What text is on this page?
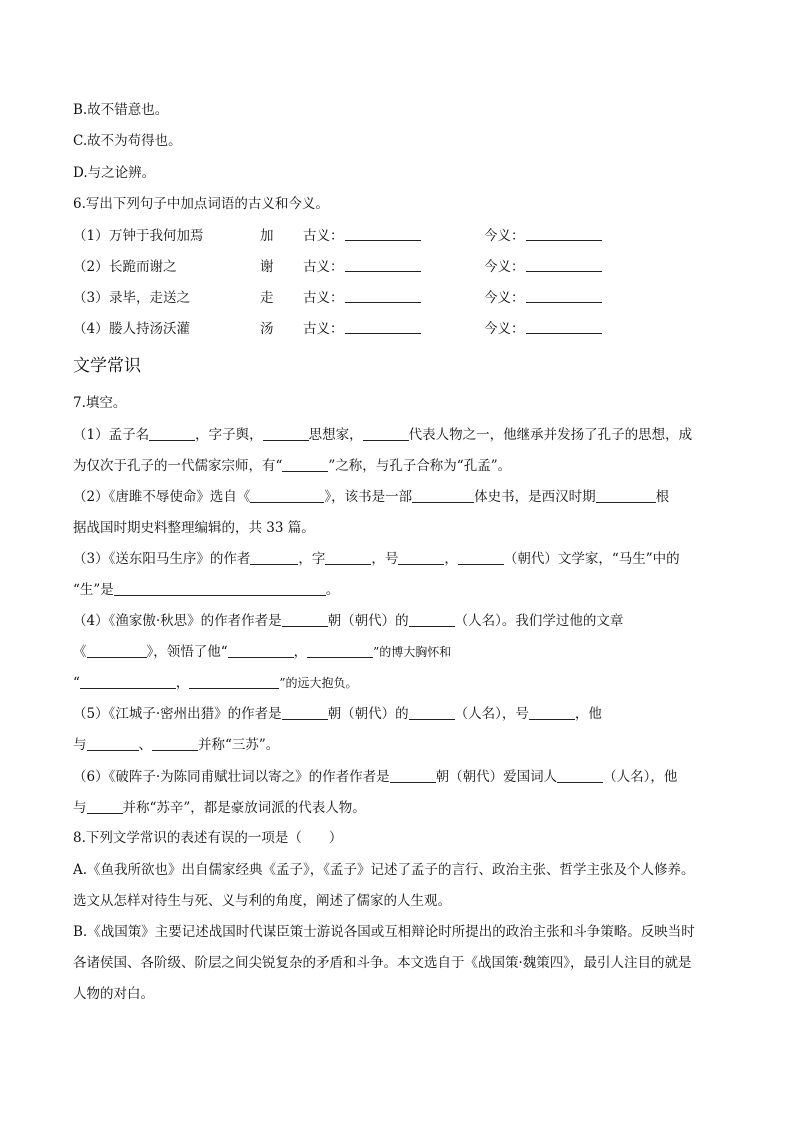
B.故不错意也。
C.故不为苟得也。
D.与之论辨。
6.写出下列句子中加点词语的古义和今义。
（1） 万钟于我何加焉	加 古义：	今义：
（2） 长跪而谢之	谢 古义：	今义：
（3） 录毕，走送之	走 古义：	今义：
（4） 媵人持汤沃灌	汤 古义：	今义：
文学常识
7.填空。
（1）孟子名	，字子舆，	思想家，	代表人物之一，他继承并发扬了孔子的思想，成
为仅次于孔子的一代儒家宗师，有“	”之称，与孔子合称为“孔孟”。
（2）《唐雎不辱使命》选自《	》，该书是一部	体史书，是西汉时期	根
据战国时期史料整理编辑的，共 33 篇。
（3）《送东阳马生序》的作者	，字	，号	，	（朝代）文学家，“马生”中的
“生”是	。
（4）《渔家傲·秋思》的作者作者是	朝（朝代）的	（人名）。我们学过他的文章
《	》，领悟了他“	，	”的博大胸怀和
“	，	”的远大抱负。
（5）《江城子·密州出猎》的作者是	朝（朝代）的	（人名），号	，他
与	、	并称“三苏”。
（6）《破阵子·为陈同甫赋壮词以寄之》的作者作者是	朝（朝代）爱国词人	（人名），他
与	并称“苏辛”，都是豪放词派的代表人物。
8.下列文学常识的表述有误的一项是（　　）
A.《鱼我所欲也》出自儒家经典《孟子》，《孟子》记述了孟子的言行、政治主张、哲学主张及个人修养。
选文从怎样对待生与死、义与利的角度，阐述了儒家的人生观。
B.《战国策》主要记述战国时代谋臣策士游说各国或互相辩论时所提出的政治主张和斗争策略。反映当时
各诸侯国、各阶级、阶层之间尖锐复杂的矛盾和斗争。本文选自于《战国策·魏策四》，最引人注目的就是
人物的对白。
